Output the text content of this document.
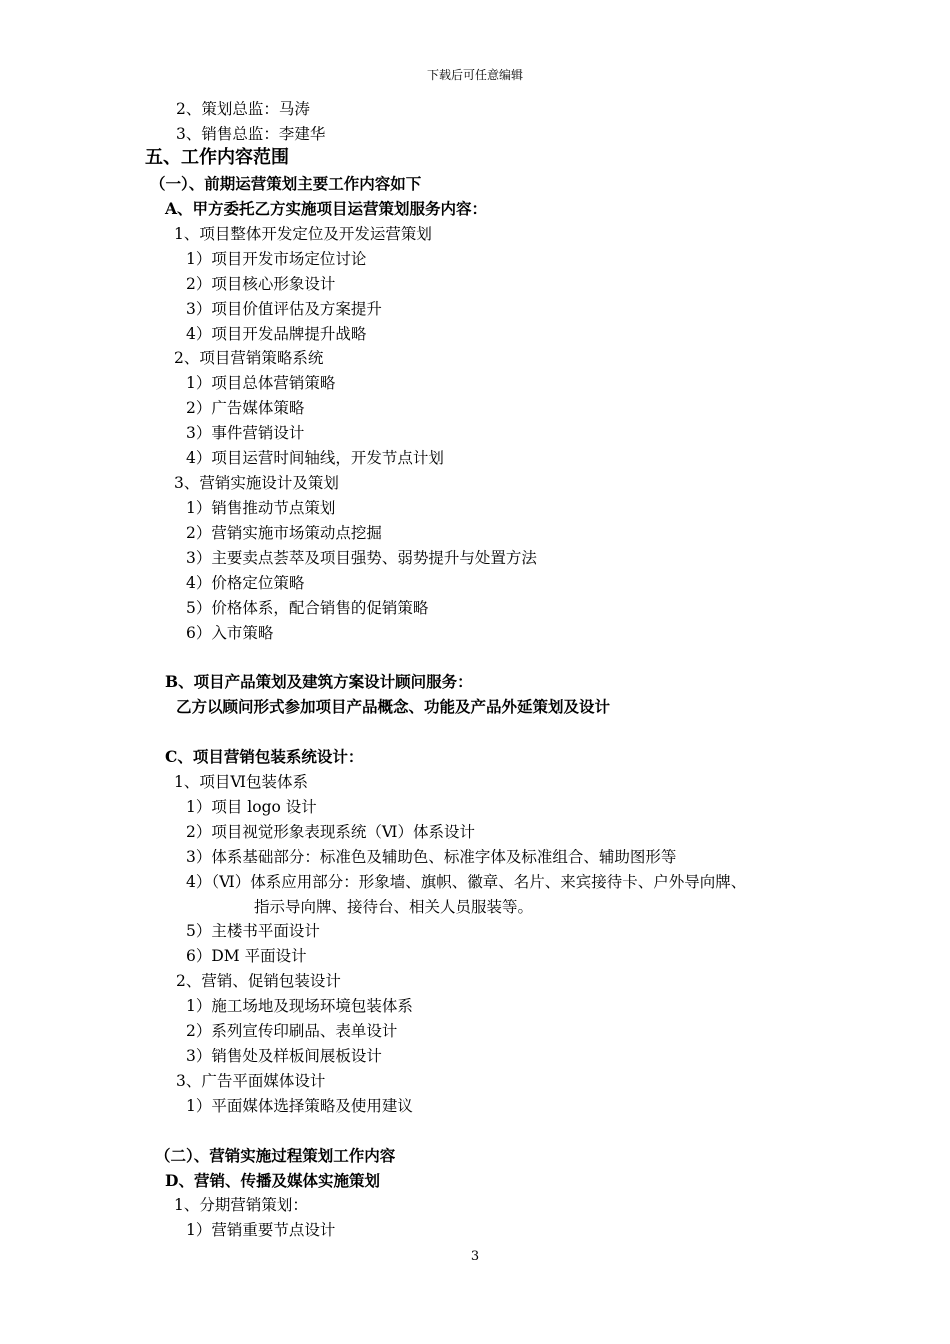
下载后可任意编辑
2、策划总监：马涛
3、销售总监：李建华
五、工作内容范围
（一）、前期运营策划主要工作内容如下
A、甲方委托乙方实施项目运营策划服务内容：
1、项目整体开发定位及开发运营策划
1）项目开发市场定位讨论
2）项目核心形象设计
3）项目价值评估及方案提升
4）项目开发品牌提升战略
2、项目营销策略系统
1）项目总体营销策略
2）广告媒体策略
3）事件营销设计
4）项目运营时间轴线，开发节点计划
3、营销实施设计及策划
1）销售推动节点策划
2）营销实施市场策动点挖掘
3）主要卖点荟萃及项目强势、弱势提升与处置方法
4）价格定位策略
5）价格体系，配合销售的促销策略
6）入市策略
B、项目产品策划及建筑方案设计顾问服务：
乙方以顾问形式参加项目产品概念、功能及产品外延策划及设计
C、项目营销包装系统设计：
1、项目Ⅵ包装体系
1）项目 logo 设计
2）项目视觉形象表现系统（Ⅵ）体系设计
3）体系基础部分：标准色及辅助色、标准字体及标准组合、辅助图形等
4）（Ⅵ）体系应用部分：形象墙、旗帜、徽章、名片、来宾接待卡、户外导向牌、
指示导向牌、接待台、相关人员服装等。
5）主楼书平面设计
6）DM 平面设计
2、营销、促销包装设计
1）施工场地及现场环境包装体系
2）系列宣传印刷品、表单设计
3）销售处及样板间展板设计
3、广告平面媒体设计
1）平面媒体选择策略及使用建议
（二）、营销实施过程策划工作内容
D、营销、传播及媒体实施策划
1、分期营销策划：
1）营销重要节点设计
3
